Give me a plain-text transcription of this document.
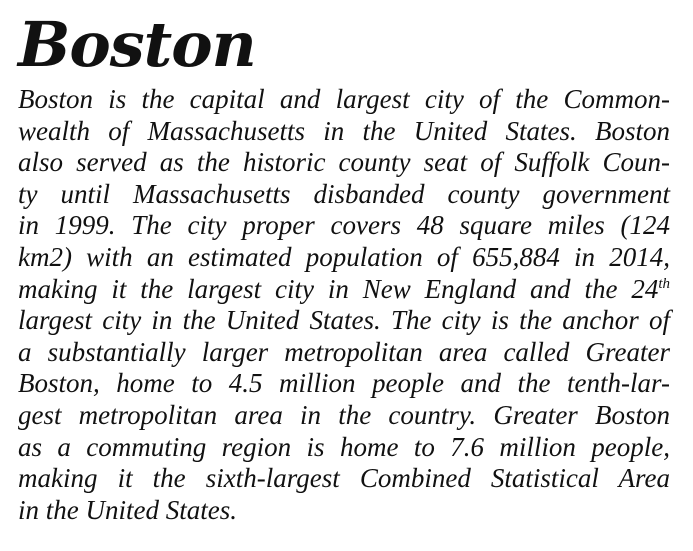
Boston
Boston is the capital and largest city of the Common-
wealth of Massachusetts in the United States. Boston
also served as the historic county seat of Suffolk Coun-
ty until Massachusetts disbanded county government
in 1999. The city proper covers 48 square miles (124
km2) with an estimated population of 655,884 in 2014,
making it the largest city in New England and the 24th
largest city in the United States. The city is the anchor of
a substantially larger metropolitan area called Greater
Boston, home to 4.5 million people and the tenth-lar-
gest metropolitan area in the country. Greater Boston
as a commuting region is home to 7.6 million people,
making it the sixth-largest Combined Statistical Area
in the United States.
